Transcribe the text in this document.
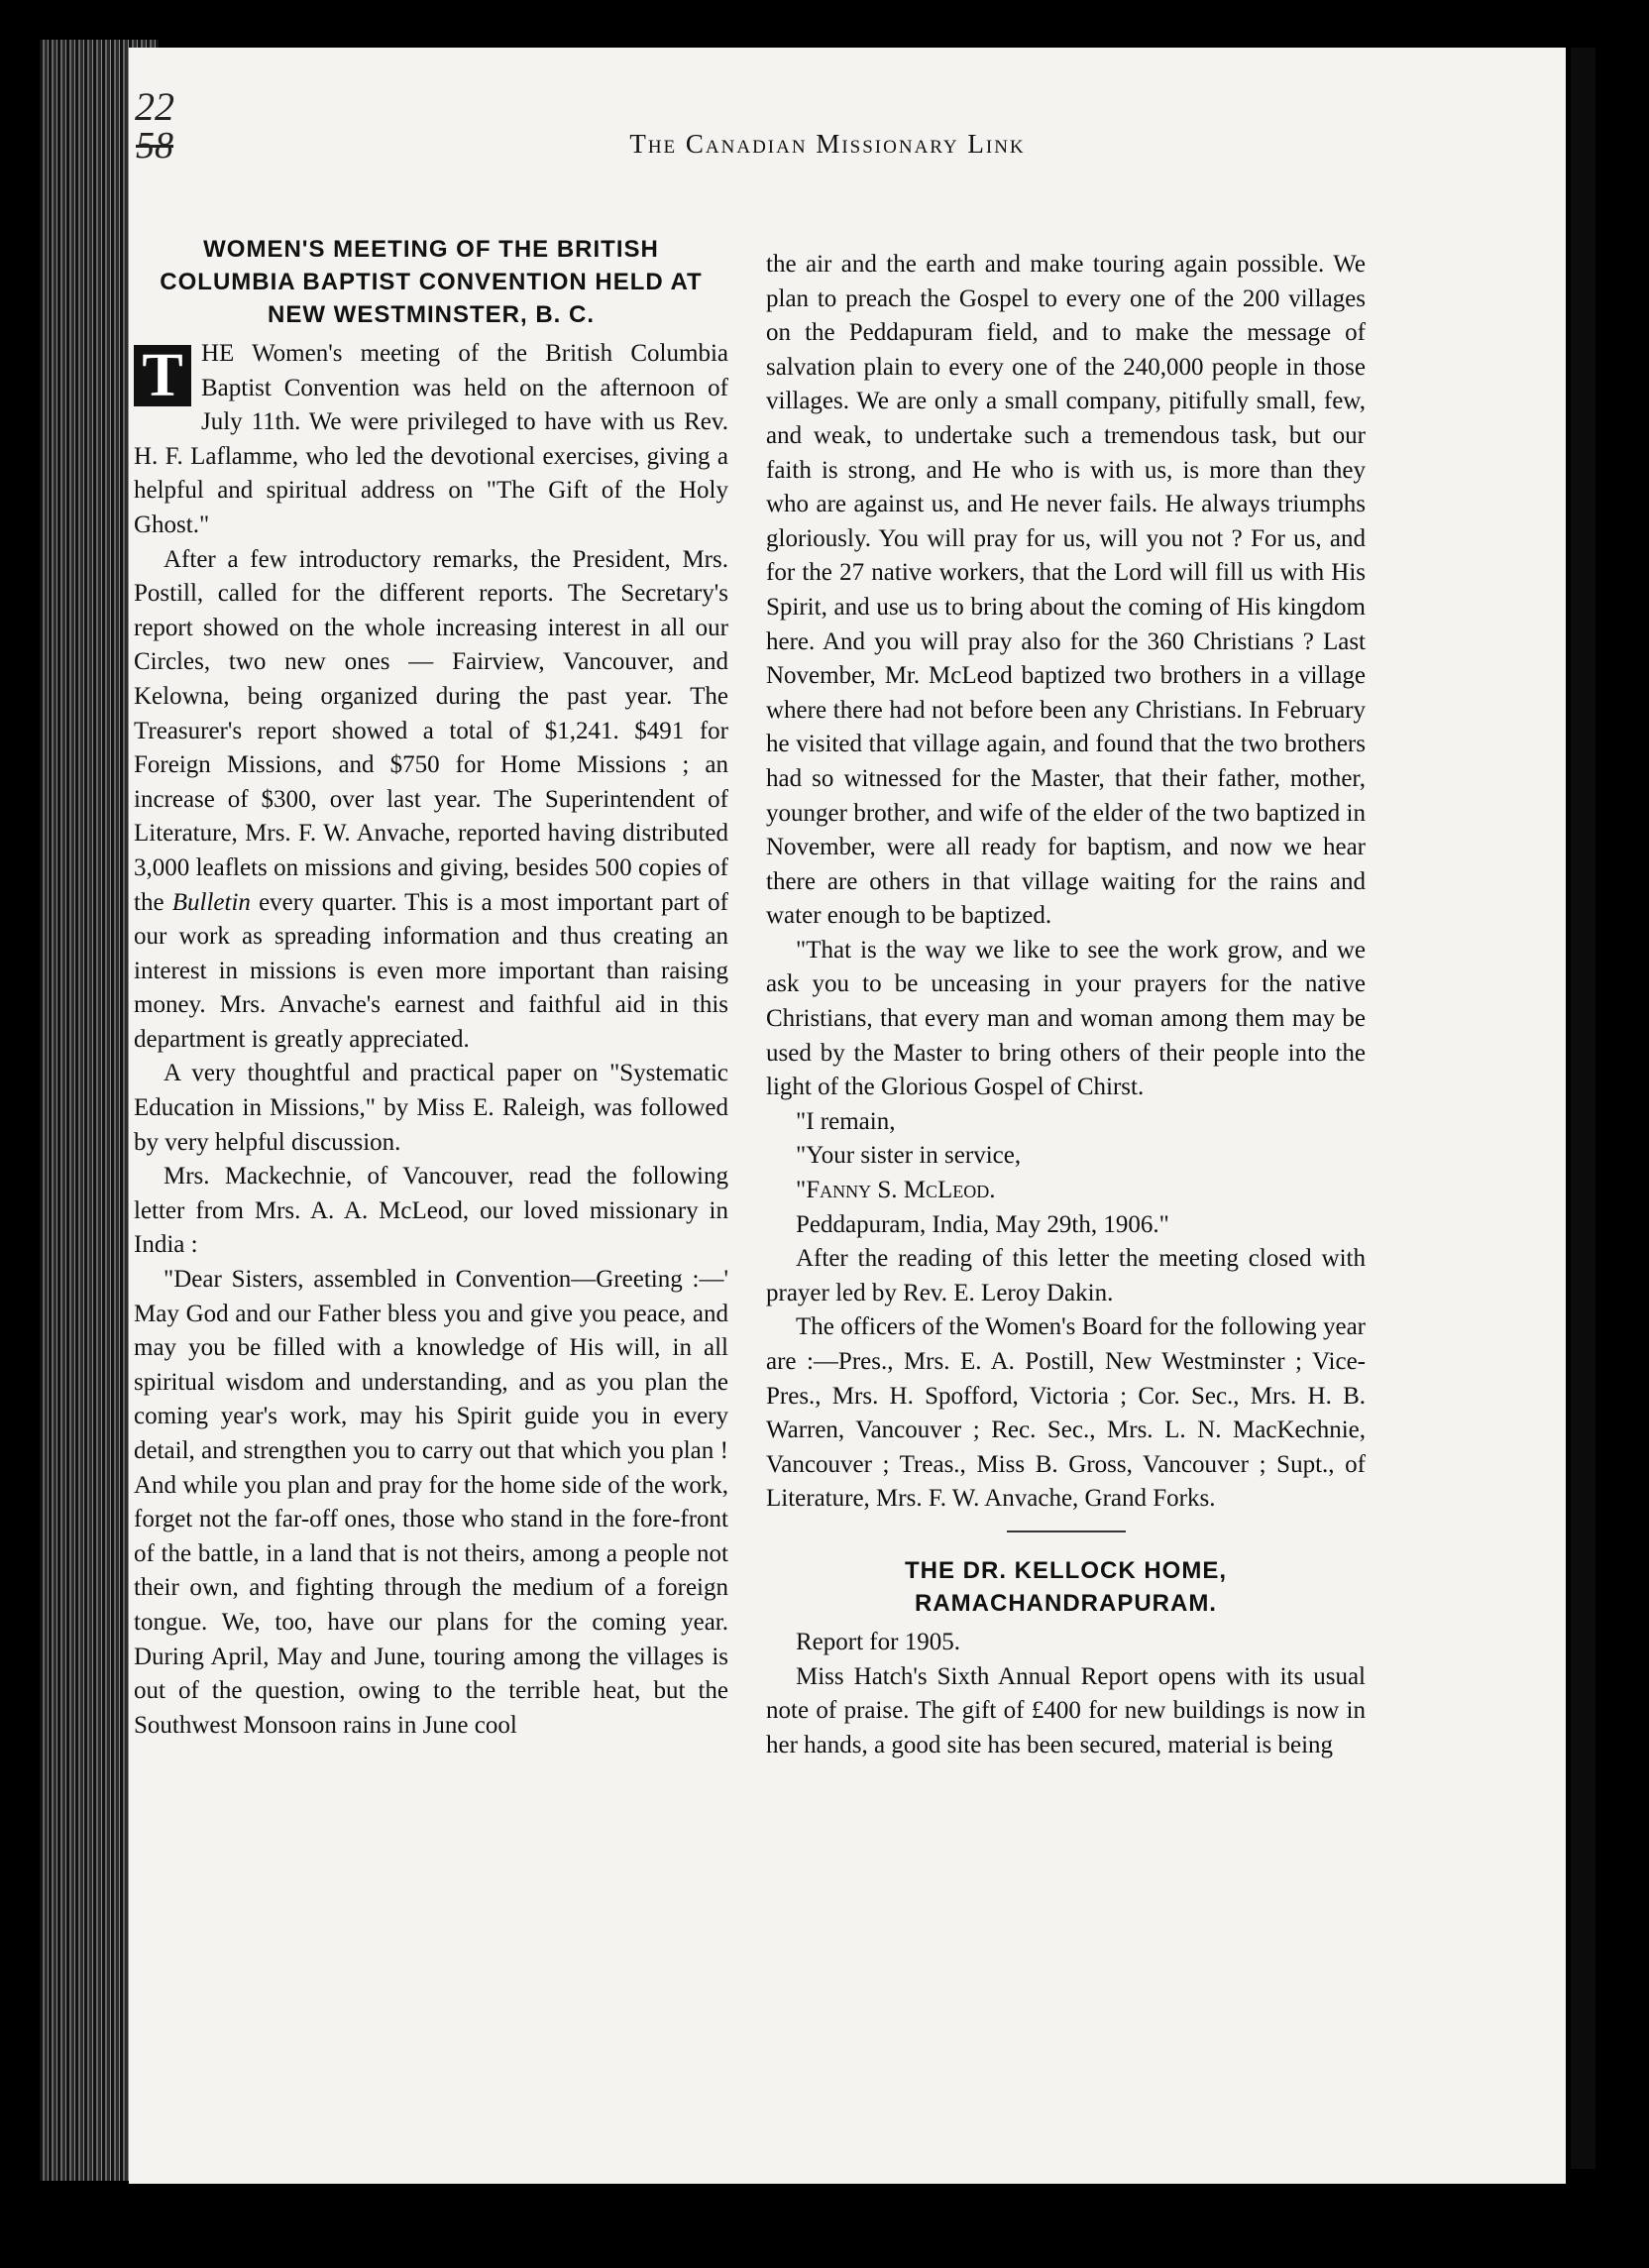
22
58	The Canadian Missionary Link
WOMEN'S MEETING OF THE BRITISH COLUMBIA BAPTIST CONVENTION HELD AT NEW WESTMINSTER, B. C.

T HE Women's meeting of the British Columbia Baptist Convention was held on the afternoon of July 11th. We were privileged to have with us Rev. H. F. Laflamme, who led the devotional exercises, giving a helpful and spiritual address on "The Gift of the Holy Ghost."

After a few introductory remarks, the President, Mrs. Postill, called for the different reports. The Secretary's report showed on the whole increasing interest in all our Circles, two new ones — Fairview, Vancouver, and Kelowna, being organized during the past year. The Treasurer's report showed a total of $1,241. $491 for Foreign Missions, and $750 for Home Missions ; an increase of $300, over last year. The Superintendent of Literature, Mrs. F. W. Anvache, reported having distributed 3,000 leaflets on missions and giving, besides 500 copies of the Bulletin every quarter. This is a most important part of our work as spreading information and thus creating an interest in missions is even more important than raising money. Mrs. Anvache's earnest and faithful aid in this department is greatly appreciated.

A very thoughtful and practical paper on "Systematic Education in Missions," by Miss E. Raleigh, was followed by very helpful discussion.

Mrs. Mackechnie, of Vancouver, read the following letter from Mrs. A. A. McLeod, our loved missionary in India :

"Dear Sisters, assembled in Convention—Greeting :—' May God and our Father bless you and give you peace, and may you be filled with a knowledge of His will, in all spiritual wisdom and understanding, and as you plan the coming year's work, may his Spirit guide you in every detail, and strengthen you to carry out that which you plan ! And while you plan and pray for the home side of the work, forget not the far-off ones, those who stand in the fore-front of the battle, in a land that is not theirs, among a people not their own, and fighting through the medium of a foreign tongue. We, too, have our plans for the coming year. During April, May and June, touring among the villages is out of the question, owing to the terrible heat, but the Southwest Monsoon rains in June cool

the air and the earth and make touring again possible. We plan to preach the Gospel to every one of the 200 villages on the Peddapuram field, and to make the message of salvation plain to every one of the 240,000 people in those villages. We are only a small company, pitifully small, few, and weak, to undertake such a tremendous task, but our faith is strong, and He who is with us, is more than they who are against us, and He never fails. He always triumphs gloriously. You will pray for us, will you not ? For us, and for the 27 native workers, that the Lord will fill us with His Spirit, and use us to bring about the coming of His kingdom here. And you will pray also for the 360 Christians ? Last November, Mr. McLeod baptized two brothers in a village where there had not before been any Christians. In February he visited that village again, and found that the two brothers had so witnessed for the Master, that their father, mother, younger brother, and wife of the elder of the two baptized in November, were all ready for baptism, and now we hear there are others in that village waiting for the rains and water enough to be baptized.

"That is the way we like to see the work grow, and we ask you to be unceasing in your prayers for the native Christians, that every man and woman among them may be used by the Master to bring others of their people into the light of the Glorious Gospel of Chirst.

"I remain,

"Your sister in service,

"Fanny S. McLeod.

Peddapuram, India, May 29th, 1906."

After the reading of this letter the meeting closed with prayer led by Rev. E. Leroy Dakin.

The officers of the Women's Board for the following year are :—Pres., Mrs. E. A. Postill, New Westminster ; Vice-Pres., Mrs. H. Spofford, Victoria ; Cor. Sec., Mrs. H. B. Warren, Vancouver ; Rec. Sec., Mrs. L. N. MacKechnie, Vancouver ; Treas., Miss B. Gross, Vancouver ; Supt., of Literature, Mrs. F. W. Anvache, Grand Forks.

THE DR. KELLOCK HOME, RAMACHANDRAPURAM.

Report for 1905.

Miss Hatch's Sixth Annual Report opens with its usual note of praise. The gift of £400 for new buildings is now in her hands, a good site has been secured, material is being
